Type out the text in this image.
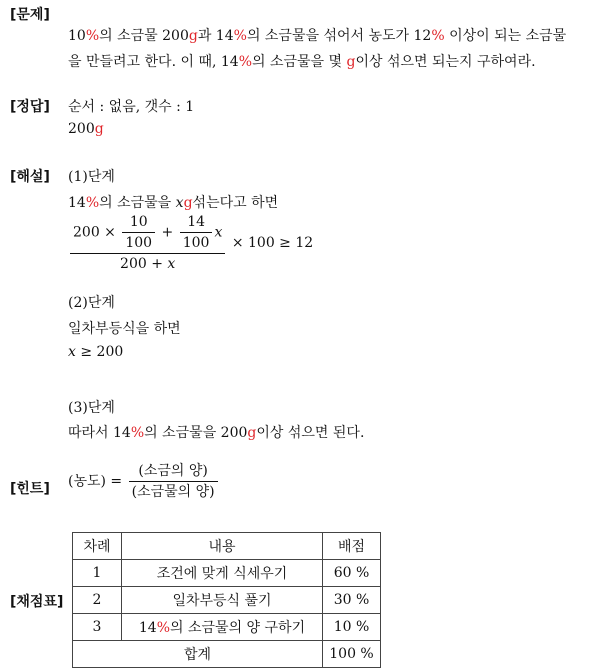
[문제]
[정답]
[해설]
[힌트]
[채점표]
10%의 소금물 200g과 14%의 소금물을 섞어서 농도가 12% 이상이 되는 소금물
을 만들려고 한다. 이 때, 14%의 소금물을 몇 g이상 섞으면 되는지 구하여라.
순서 : 없음, 갯수 : 1
200g
(1)단계
14%의 소금물을 xg섞는다고 하면
$\frac{200 \times \frac{10}{100} + \frac{14}{100} x}{200 + x} \times 100 \ge 12$
(2)단계
일차부등식을 하면
x ≥ 200
(3)단계
따라서 14%의 소금물을 200g이상 섞으면 된다.
(농도) = $\frac{\text{(소금의 양)}}{\text{(소금물의 양)}}$
차례	내용	배점
1	조건에 맞게 식세우기	60 %
2	일차부등식 풀기	30 %
3	14%의 소금물의 양 구하기	10 %
합계		100 %
